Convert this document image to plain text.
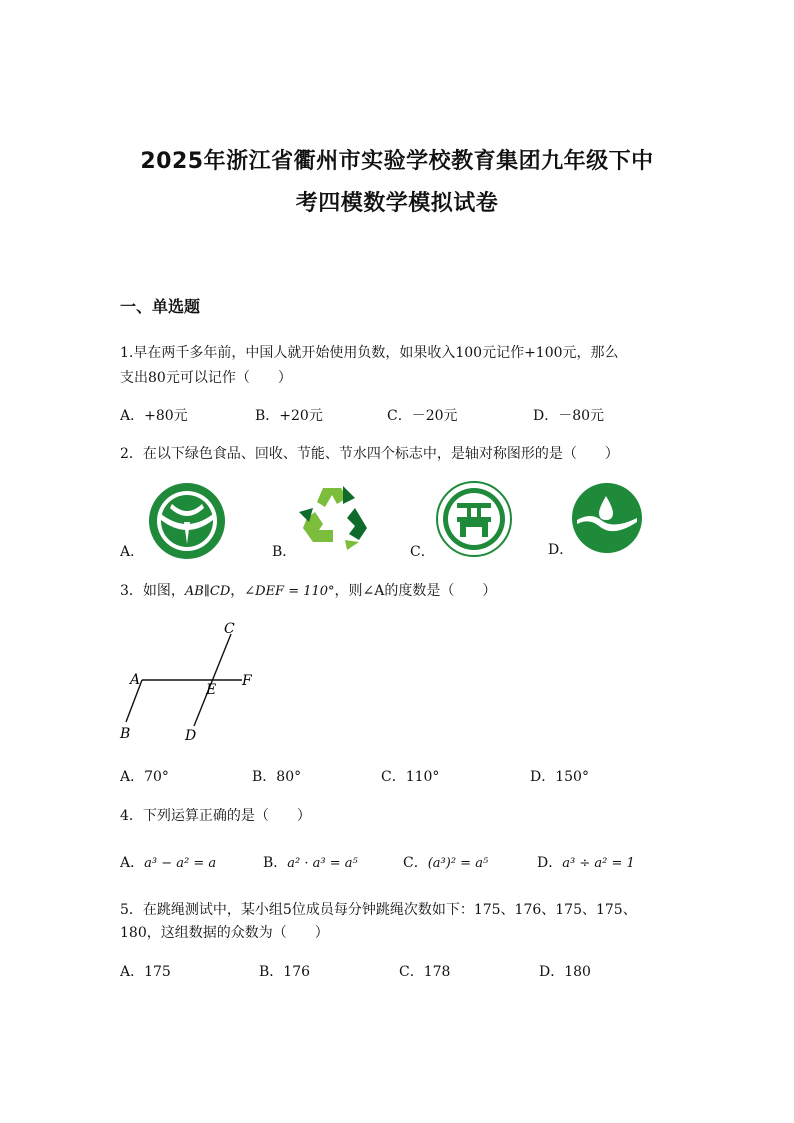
2025年浙江省衢州市实验学校教育集团九年级下中
考四模数学模拟试卷
一、单选题
1.早在两千多年前，中国人就开始使用负数，如果收入100元记作+100元，那么
支出80元可以记作（　　）
A．+80元	B．+20元	C．－20元	D．－80元
2．在以下绿色食品、回收、节能、节水四个标志中，是轴对称图形的是（　　）
A．	B．	C．	D．
3．如图，AB∥CD，∠DEF = 110°，则∠A的度数是（　　）
A
B
C
D
E
F
A．70°	B．80°	C．110°	D．150°
4．下列运算正确的是（　　）
A．a³ − a² = a	B．a² · a³ = a⁵	C．(a³)² = a⁵	D．a³ ÷ a² = 1
5．在跳绳测试中，某小组5位成员每分钟跳绳次数如下：175、176、175、175、
180，这组数据的众数为（　　）
A．175	B．176	C．178	D．180
